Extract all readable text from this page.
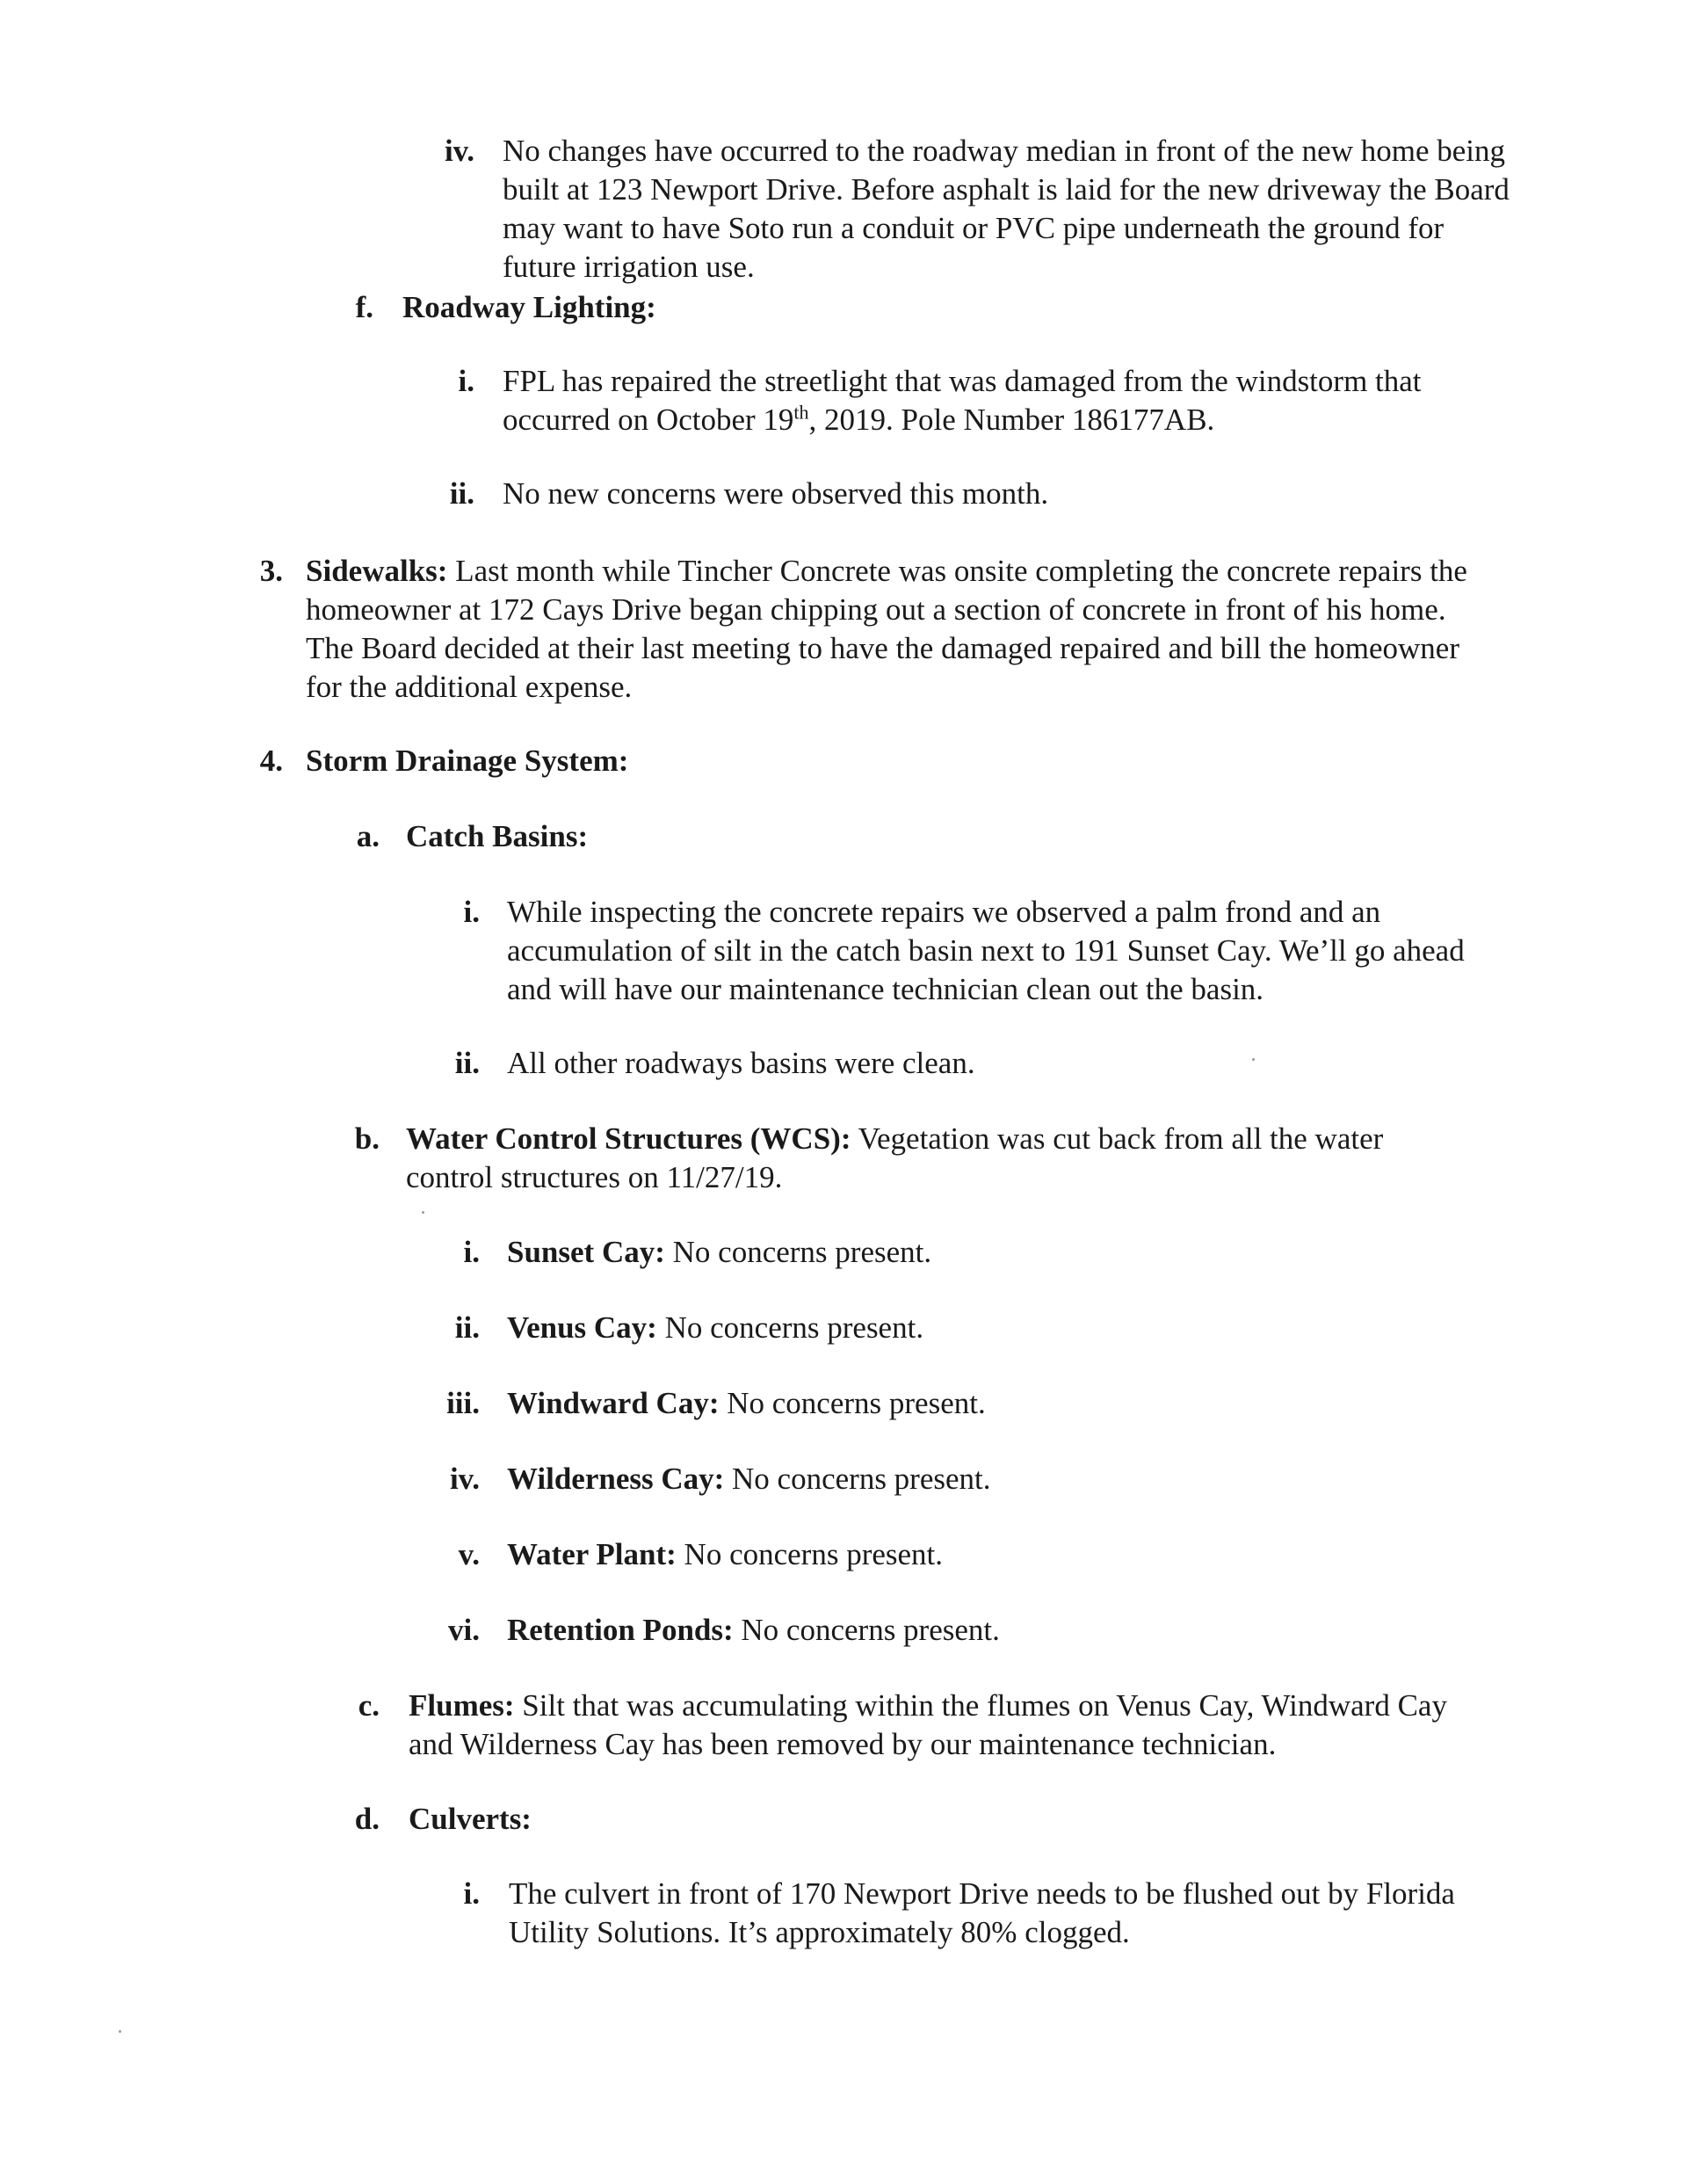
iv. No changes have occurred to the roadway median in front of the new home being built at 123 Newport Drive. Before asphalt is laid for the new driveway the Board may want to have Soto run a conduit or PVC pipe underneath the ground for future irrigation use.
f. Roadway Lighting:
i. FPL has repaired the streetlight that was damaged from the windstorm that occurred on October 19th, 2019. Pole Number 186177AB.
ii. No new concerns were observed this month.
3. Sidewalks: Last month while Tincher Concrete was onsite completing the concrete repairs the homeowner at 172 Cays Drive began chipping out a section of concrete in front of his home. The Board decided at their last meeting to have the damaged repaired and bill the homeowner for the additional expense.
4. Storm Drainage System:
a. Catch Basins:
i. While inspecting the concrete repairs we observed a palm frond and an accumulation of silt in the catch basin next to 191 Sunset Cay. We’ll go ahead and will have our maintenance technician clean out the basin.
ii. All other roadways basins were clean.
b. Water Control Structures (WCS): Vegetation was cut back from all the water control structures on 11/27/19.
i. Sunset Cay: No concerns present.
ii. Venus Cay: No concerns present.
iii. Windward Cay: No concerns present.
iv. Wilderness Cay: No concerns present.
v. Water Plant: No concerns present.
vi. Retention Ponds: No concerns present.
c. Flumes: Silt that was accumulating within the flumes on Venus Cay, Windward Cay and Wilderness Cay has been removed by our maintenance technician.
d. Culverts:
i. The culvert in front of 170 Newport Drive needs to be flushed out by Florida Utility Solutions. It’s approximately 80% clogged.
